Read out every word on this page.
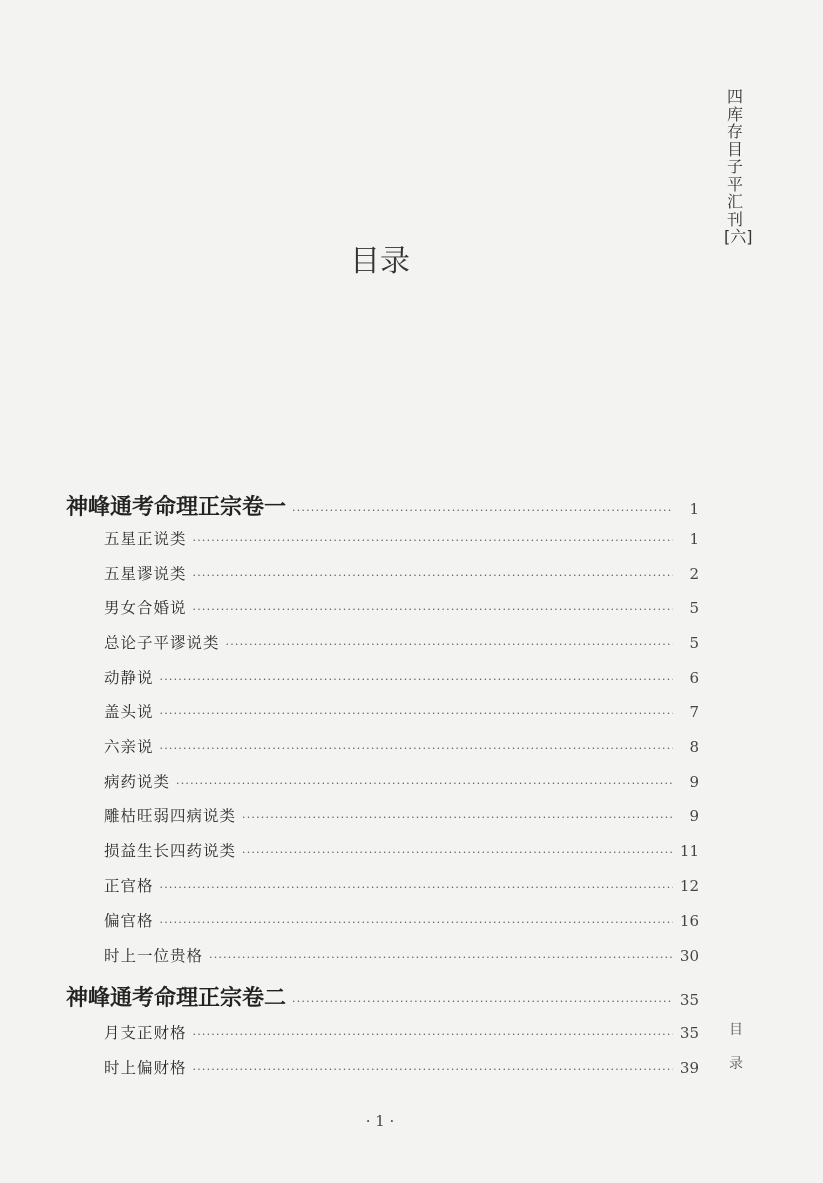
四库存目子平汇刊[六]
目录
神峰通考命理正宗卷一 ·····	1
五星正说类 ·····	1
五星谬说类 ·····	2
男女合婚说 ·····	5
总论子平谬说类 ·····	5
动静说 ·····	6
盖头说 ·····	7
六亲说 ·····	8
病药说类 ·····	9
雕枯旺弱四病说类 ·····	9
损益生长四药说类 ·····	11
正官格 ·····	12
偏官格 ·····	16
时上一位贵格 ·····	30
神峰通考命理正宗卷二 ·····	35
月支正财格 ·····	35
时上偏财格 ·····	39
目录
· 1 ·
